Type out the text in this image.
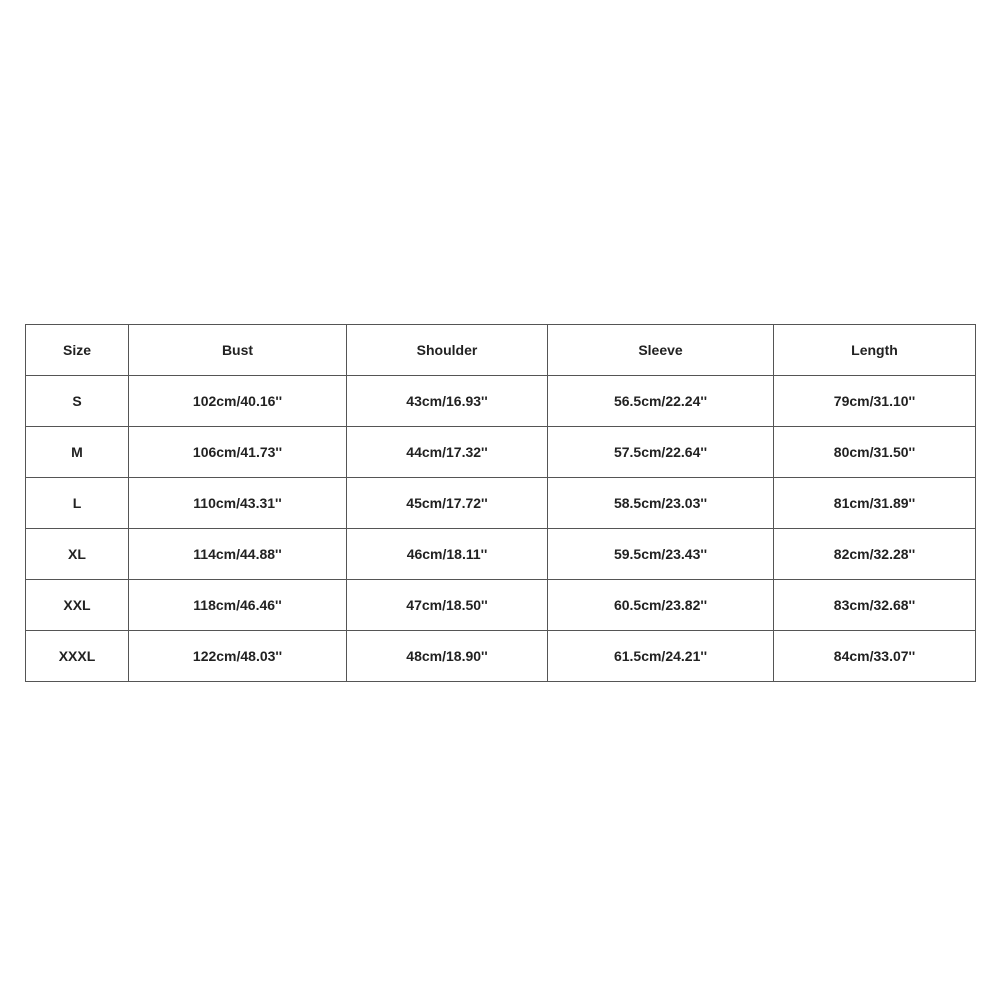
Size	Bust	Shoulder	Sleeve	Length
S	102cm/40.16''	43cm/16.93''	56.5cm/22.24''	79cm/31.10''
M	106cm/41.73''	44cm/17.32''	57.5cm/22.64''	80cm/31.50''
L	110cm/43.31''	45cm/17.72''	58.5cm/23.03''	81cm/31.89''
XL	114cm/44.88''	46cm/18.11''	59.5cm/23.43''	82cm/32.28''
XXL	118cm/46.46''	47cm/18.50''	60.5cm/23.82''	83cm/32.68''
XXXL	122cm/48.03''	48cm/18.90''	61.5cm/24.21''	84cm/33.07''
